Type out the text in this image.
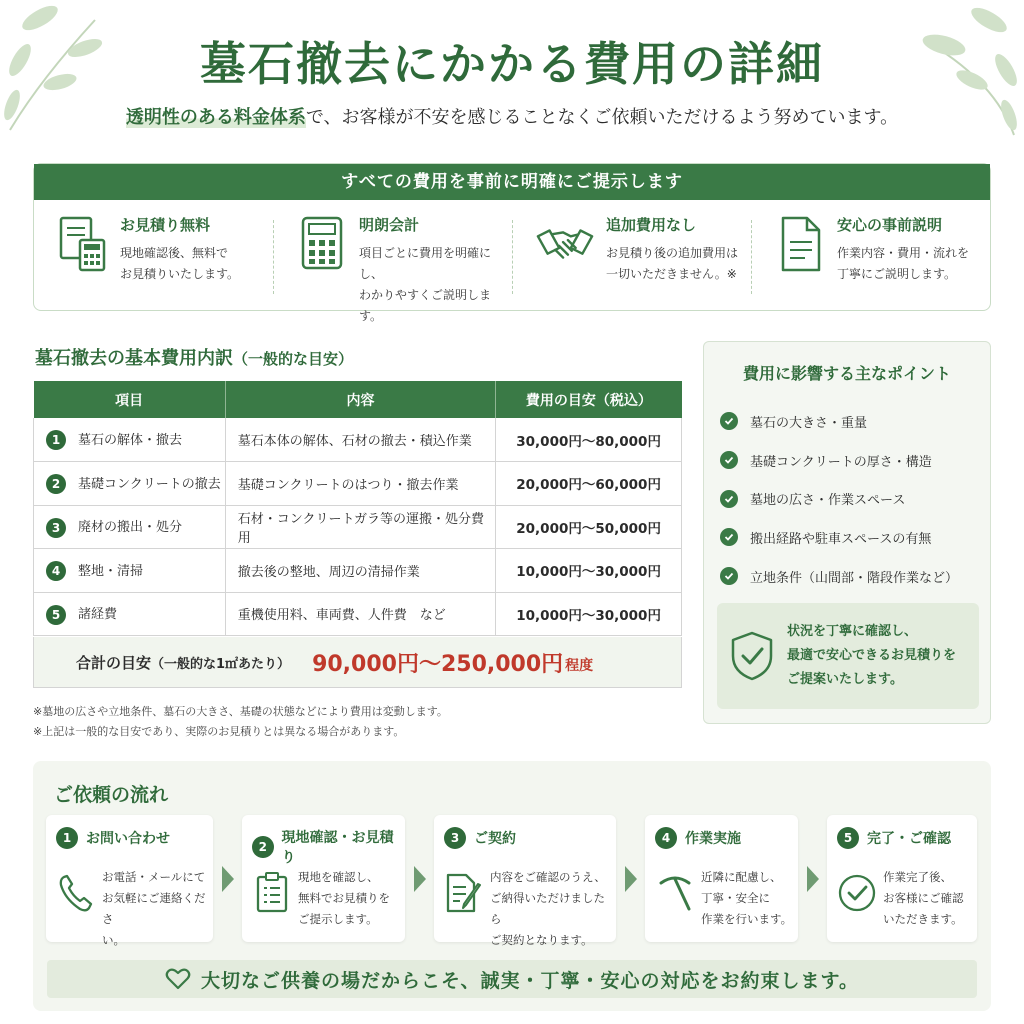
墓石撤去にかかる費用の詳細
透明性のある料金体系で、お客様が不安を感じることなくご依頼いただけるよう努めています。
すべての費用を事前に明確にご提示します
お見積り無料
現地確認後、無料で
お見積りいたします。
明朗会計
項目ごとに費用を明確にし、
わかりやすくご説明します。
追加費用なし
お見積り後の追加費用は
一切いただきません。※
安心の事前説明
作業内容・費用・流れを
丁寧にご説明します。
墓石撤去の基本費用内訳（一般的な目安）
項目	内容	費用の目安（税込）
1 墓石の解体・撤去	墓石本体の解体、石材の撤去・積込作業	30,000円〜80,000円
2 基礎コンクリートの撤去	基礎コンクリートのはつり・撤去作業	20,000円〜60,000円
3 廃材の搬出・処分	石材・コンクリートガラ等の運搬・処分費用	20,000円〜50,000円
4 整地・清掃	撤去後の整地、周辺の清掃作業	10,000円〜30,000円
5 諸経費	重機使用料、車両費、人件費　など	10,000円〜30,000円
合計の目安（一般的な1㎡あたり） 90,000円〜250,000円 程度
※墓地の広さや立地条件、墓石の大きさ、基礎の状態などにより費用は変動します。
※上記は一般的な目安であり、実際のお見積りとは異なる場合があります。
費用に影響する主なポイント
墓石の大きさ・重量
基礎コンクリートの厚さ・構造
墓地の広さ・作業スペース
搬出経路や駐車スペースの有無
立地条件（山間部・階段作業など）
状況を丁寧に確認し、
最適で安心できるお見積りを
ご提案いたします。
ご依頼の流れ
1	お問い合わせ
お電話・メールにて
お気軽にご連絡くださ
い。
2
現地確認・お見積り
現地を確認し、
無料でお見積りを
ご提示します。
3	ご契約
内容をご確認のうえ、
ご納得いただけましたら
ご契約となります。
4	作業実施
近隣に配慮し、
丁寧・安全に
作業を行います。
5	完了・ご確認
作業完了後、
お客様にご確認
いただきます。
大切なご供養の場だからこそ、誠実・丁寧・安心の対応をお約束します。
